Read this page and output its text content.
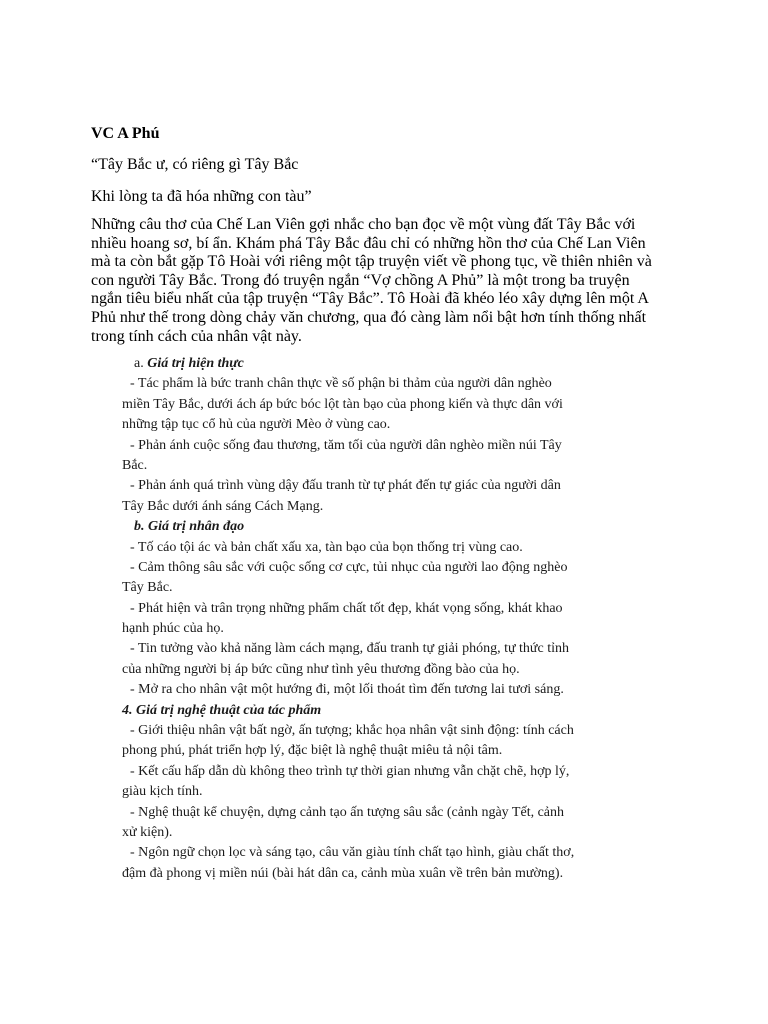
VC A Phú

“Tây Bắc ư, có riêng gì Tây Bắc

Khi lòng ta đã hóa những con tàu”

Những câu thơ của Chế Lan Viên gợi nhắc cho bạn đọc về một vùng đất Tây Bắc với
nhiều hoang sơ, bí ẩn. Khám phá Tây Bắc đâu chỉ có những hồn thơ của Chế Lan Viên
mà ta còn bắt gặp Tô Hoài với riêng một tập truyện viết về phong tục, về thiên nhiên và
con người Tây Bắc. Trong đó truyện ngắn “Vợ chồng A Phủ” là một trong ba truyện
ngắn tiêu biểu nhất của tập truyện “Tây Bắc”. Tô Hoài đã khéo léo xây dựng lên một A
Phủ như thế trong dòng chảy văn chương, qua đó càng làm nổi bật hơn tính thống nhất
trong tính cách của nhân vật này.

a. Giá trị hiện thực
- Tác phẩm là bức tranh chân thực về số phận bi thảm của người dân nghèo
miền Tây Bắc, dưới ách áp bức bóc lột tàn bạo của phong kiến và thực dân với
những tập tục cổ hủ của người Mèo ở vùng cao.
- Phản ánh cuộc sống đau thương, tăm tối của người dân nghèo miền núi Tây
Bắc.
- Phản ánh quá trình vùng dậy đấu tranh từ tự phát đến tự giác của người dân
Tây Bắc dưới ánh sáng Cách Mạng.
b. Giá trị nhân đạo
- Tố cáo tội ác và bản chất xấu xa, tàn bạo của bọn thống trị vùng cao.
- Cảm thông sâu sắc với cuộc sống cơ cực, tủi nhục của người lao động nghèo
Tây Bắc.
- Phát hiện và trân trọng những phẩm chất tốt đẹp, khát vọng sống, khát khao
hạnh phúc của họ.
- Tin tưởng vào khả năng làm cách mạng, đấu tranh tự giải phóng, tự thức tỉnh
của những người bị áp bức cũng như tình yêu thương đồng bào của họ.
- Mở ra cho nhân vật một hướng đi, một lối thoát tìm đến tương lai tươi sáng.
4. Giá trị nghệ thuật của tác phẩm
- Giới thiệu nhân vật bất ngờ, ấn tượng; khắc họa nhân vật sinh động: tính cách
phong phú, phát triển hợp lý, đặc biệt là nghệ thuật miêu tả nội tâm.
- Kết cấu hấp dẫn dù không theo trình tự thời gian nhưng vẫn chặt chẽ, hợp lý,
giàu kịch tính.
- Nghệ thuật kể chuyện, dựng cảnh tạo ấn tượng sâu sắc (cảnh ngày Tết, cảnh
xử kiện).
- Ngôn ngữ chọn lọc và sáng tạo, câu văn giàu tính chất tạo hình, giàu chất thơ,
đậm đà phong vị miền núi (bài hát dân ca, cảnh mùa xuân về trên bản mường).
